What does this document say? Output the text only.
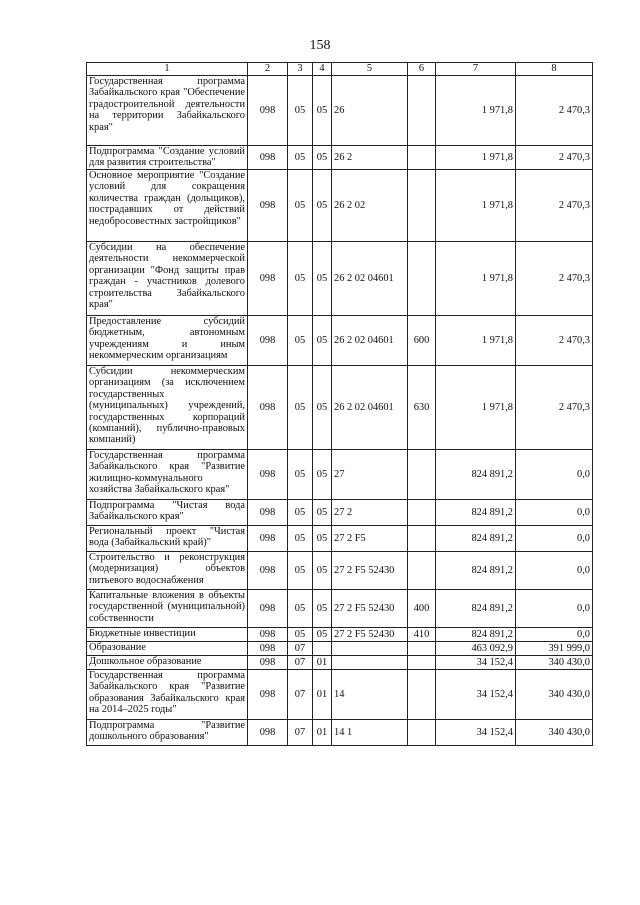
158
1	2	3	4	5	6	7	8
Государственная программа Забайкальского края "Обеспечение градостроительной деятельности на территории Забайкальского края"	098	05	05	26		1 971,8	2 470,3
Подпрограмма "Создание условий для развития строительства"	098	05	05	26 2		1 971,8	2 470,3
Основное мероприятие "Создание условий для сокращения количества граждан (дольщиков), пострадавших от действий недобросовестных застройщиков"	098	05	05	26 2 02		1 971,8	2 470,3
Субсидии на обеспечение деятельности некоммерческой организации "Фонд защиты прав граждан - участников долевого строительства Забайкальского края"	098	05	05	26 2 02 04601		1 971,8	2 470,3
Предоставление субсидий бюджетным, автономным учреждениям и иным некоммерческим организациям	098	05	05	26 2 02 04601	600	1 971,8	2 470,3
Субсидии некоммерческим организациям (за исключением государственных (муниципальных) учреждений, государственных корпораций (компаний), публично-правовых компаний)	098	05	05	26 2 02 04601	630	1 971,8	2 470,3
Государственная программа Забайкальского края "Развитие жилищно-коммунального хозяйства Забайкальского края"	098	05	05	27		824 891,2	0,0
Подпрограмма "Чистая вода Забайкальского края"	098	05	05	27 2		824 891,2	0,0
Региональный проект "Чистая вода (Забайкальский край)"	098	05	05	27 2 F5		824 891,2	0,0
Строительство и реконструкция (модернизация) объектов питьевого водоснабжения	098	05	05	27 2 F5 52430		824 891,2	0,0
Капитальные вложения в объекты государственной (муниципальной) собственности	098	05	05	27 2 F5 52430	400	824 891,2	0,0
Бюджетные инвестиции	098	05	05	27 2 F5 52430	410	824 891,2	0,0
Образование	098	07				463 092,9	391 999,0
Дошкольное образование	098	07	01			34 152,4	340 430,0
Государственная программа Забайкальского края "Развитие образования Забайкальского края на 2014–2025 годы"	098	07	01	14		34 152,4	340 430,0
Подпрограмма "Развитие дошкольного образования"	098	07	01	14 1		34 152,4	340 430,0
